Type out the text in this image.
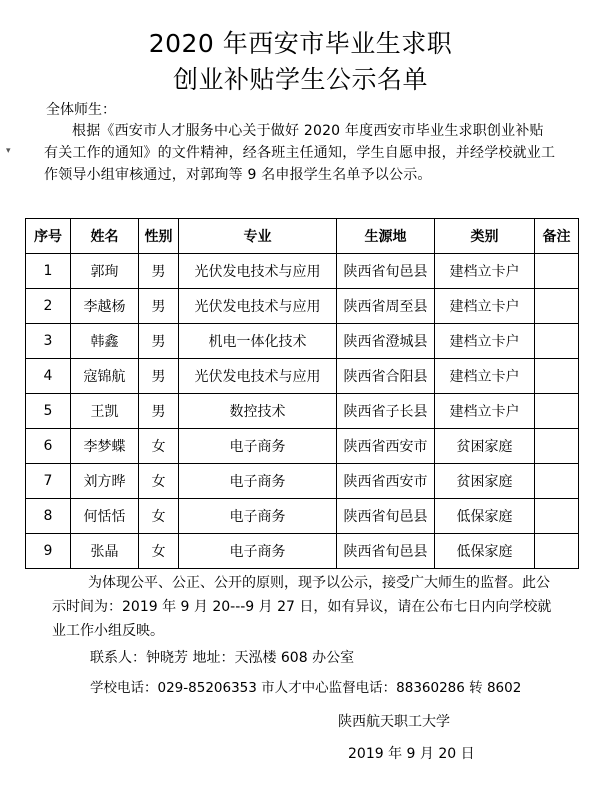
2020 年西安市毕业生求职
创业补贴学生公示名单
全体师生：
▾
根据《西安市人才服务中心关于做好 2020 年度西安市毕业生求职创业补贴有关工作的通知》的文件精神，经各班主任通知，学生自愿申报，并经学校就业工作领导小组审核通过，对郭珣等 9 名申报学生名单予以公示。
序号	姓名	性别	专业	生源地	类别	备注
1	郭珣	男	光伏发电技术与应用	陕西省旬邑县	建档立卡户	
2	李越杨	男	光伏发电技术与应用	陕西省周至县	建档立卡户	
3	韩鑫	男	机电一体化技术	陕西省澄城县	建档立卡户	
4	寇锦航	男	光伏发电技术与应用	陕西省合阳县	建档立卡户	
5	王凯	男	数控技术	陕西省子长县	建档立卡户	
6	李梦蝶	女	电子商务	陕西省西安市	贫困家庭	
7	刘方晔	女	电子商务	陕西省西安市	贫困家庭	
8	何恬恬	女	电子商务	陕西省旬邑县	低保家庭	
9	张晶	女	电子商务	陕西省旬邑县	低保家庭	
为体现公平、公正、公开的原则，现予以公示，接受广大师生的监督。此公示时间为：2019 年 9 月 20---9 月 27 日，如有异议，请在公布七日内向学校就业工作小组反映。
联系人：钟晓芳 地址：天泓楼 608 办公室
学校电话：029-85206353 市人才中心监督电话：88360286 转 8602
陕西航天职工大学
2019 年 9 月 20 日
